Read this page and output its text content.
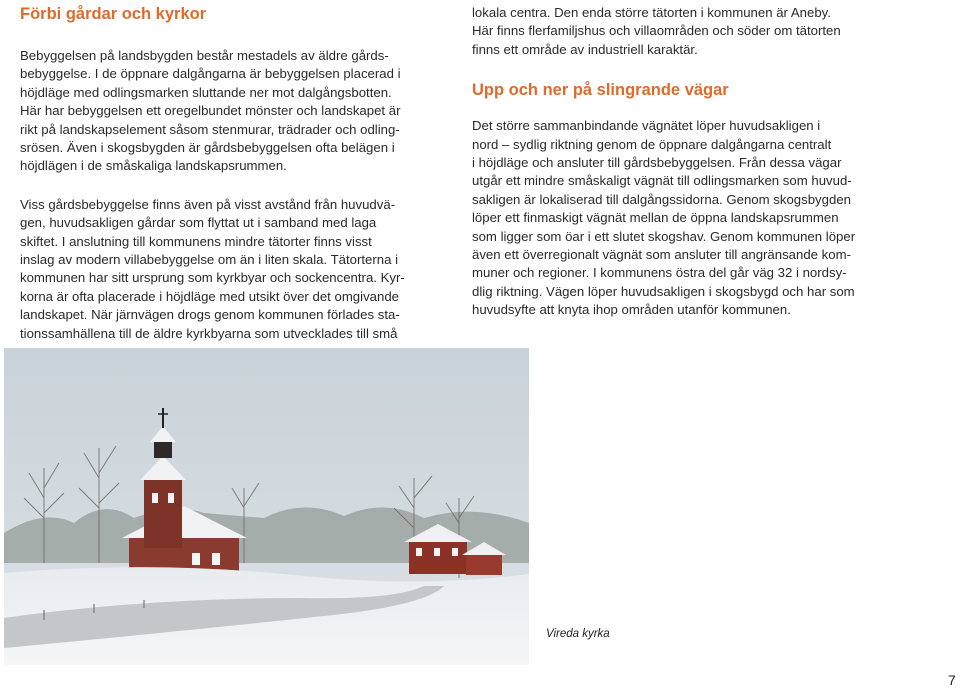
Förbi gårdar och kyrkor

Bebyggelsen på landsbygden består mestadels av äldre gårds-

bebyggelse. I de öppnare dalgångarna är bebyggelsen placerad i

höjdläge med odlingsmarken sluttande ner mot dalgångsbotten.

Här har bebyggelsen ett oregelbundet mönster och landskapet är

rikt på landskapselement såsom stenmurar, trädrader och odling-

srösen. Även i skogsbygden är gårdsbebyggelsen ofta belägen i

höjdlägen i de småskaliga landskapsrummen.

Viss gårdsbebyggelse finns även på visst avstånd från huvudvä-

gen, huvudsakligen gårdar som flyttat ut i samband med laga

skiftet. I anslutning till kommunens mindre tätorter finns visst

inslag av modern villabebyggelse om än i liten skala. Tätorterna i

kommunen har sitt ursprung som kyrkbyar och sockencentra. Kyr-

korna är ofta placerade i höjdläge med utsikt över det omgivande

landskapet. När järnvägen drogs genom kommunen förlades sta-

tionssamhällena till de äldre kyrkbyarna som utvecklades till små

lokala centra. Den enda större tätorten i kommunen är Aneby.

Här finns flerfamiljshus och villaområden och söder om tätorten

finns ett område av industriell karaktär.

Upp och ner på slingrande vägar

Det större sammanbindande vägnätet löper huvudsakligen i

nord – sydlig riktning genom de öppnare dalgångarna centralt

i höjdläge och ansluter till gårdsbebyggelsen. Från dessa vägar

utgår ett mindre småskaligt vägnät till odlingsmarken som huvud-

sakligen är lokaliserad till dalgångssidorna. Genom skogsbygden

löper ett finmaskigt vägnät mellan de öppna landskapsrummen

som ligger som öar i ett slutet skogshav. Genom kommunen löper

även ett överregionalt vägnät som ansluter till angränsande kom-

muner och regioner. I kommunens östra del går väg 32 i nordsy-

dlig riktning. Vägen löper huvudsakligen i skogsbygd och har som

huvudsyfte att knyta ihop områden utanför kommunen.

Vireda kyrka
7
